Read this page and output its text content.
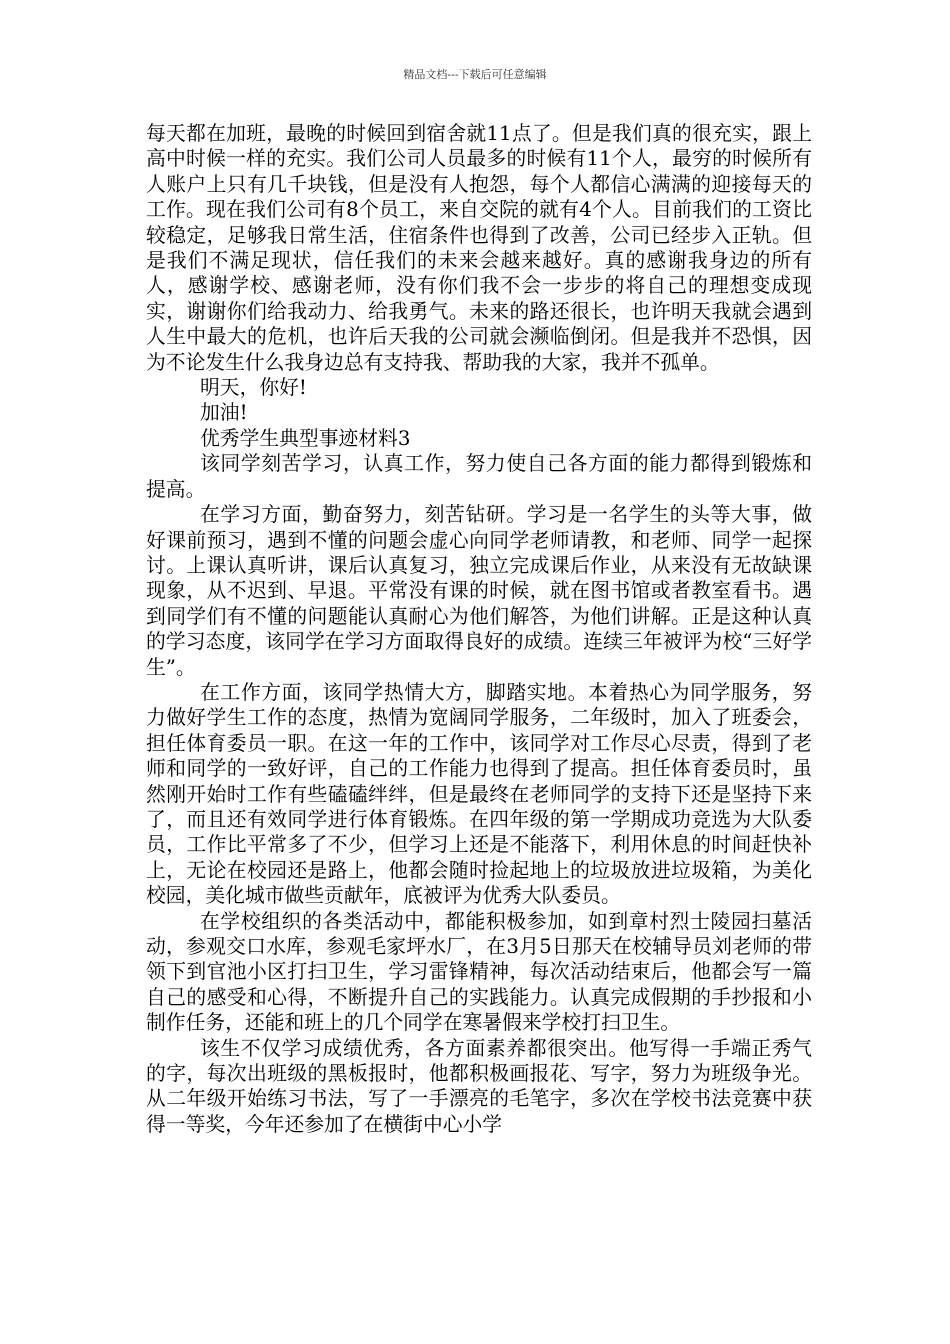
精品文档---下载后可任意编辑

每天都在加班，最晚的时候回到宿舍就11点了。但是我们真的很充实，跟上高中时候一样的充实。我们公司人员最多的时候有11个人，最穷的时候所有人账户上只有几千块钱，但是没有人抱怨，每个人都信心满满的迎接每天的工作。现在我们公司有8个员工，来自交院的就有4个人。目前我们的工资比较稳定，足够我日常生活，住宿条件也得到了改善，公司已经步入正轨。但是我们不满足现状，信任我们的未来会越来越好。真的感谢我身边的所有人，感谢学校、感谢老师，没有你们我不会一步步的将自己的理想变成现实，谢谢你们给我动力、给我勇气。未来的路还很长，也许明天我就会遇到人生中最大的危机，也许后天我的公司就会濒临倒闭。但是我并不恐惧，因为不论发生什么我身边总有支持我、帮助我的大家，我并不孤单。

明天，你好!

加油!

优秀学生典型事迹材料3

该同学刻苦学习，认真工作，努力使自己各方面的能力都得到锻炼和提高。

在学习方面，勤奋努力，刻苦钻研。学习是一名学生的头等大事，做好课前预习，遇到不懂的问题会虚心向同学老师请教，和老师、同学一起探讨。上课认真听讲，课后认真复习，独立完成课后作业，从来没有无故缺课现象，从不迟到、早退。平常没有课的时候，就在图书馆或者教室看书。遇到同学们有不懂的问题能认真耐心为他们解答，为他们讲解。正是这种认真的学习态度，该同学在学习方面取得良好的成绩。连续三年被评为校“三好学生”。

在工作方面，该同学热情大方，脚踏实地。本着热心为同学服务，努力做好学生工作的态度，热情为宽阔同学服务，二年级时，加入了班委会，担任体育委员一职。在这一年的工作中，该同学对工作尽心尽责，得到了老师和同学的一致好评，自己的工作能力也得到了提高。担任体育委员时，虽然刚开始时工作有些磕磕绊绊，但是最终在老师同学的支持下还是坚持下来了，而且还有效同学进行体育锻炼。在四年级的第一学期成功竞选为大队委员，工作比平常多了不少，但学习上还是不能落下，利用休息的时间赶快补上，无论在校园还是路上，他都会随时捡起地上的垃圾放进垃圾箱，为美化校园，美化城市做些贡献年，底被评为优秀大队委员。

在学校组织的各类活动中，都能积极参加，如到章村烈士陵园扫墓活动，参观交口水库，参观毛家坪水厂，在3月5日那天在校辅导员刘老师的带领下到官池小区打扫卫生，学习雷锋精神，每次活动结束后，他都会写一篇自己的感受和心得，不断提升自己的实践能力。认真完成假期的手抄报和小制作任务，还能和班上的几个同学在寒暑假来学校打扫卫生。

该生不仅学习成绩优秀，各方面素养都很突出。他写得一手端正秀气的字，每次出班级的黑板报时，他都积极画报花、写字，努力为班级争光。从二年级开始练习书法，写了一手漂亮的毛笔字，多次在学校书法竞赛中获得一等奖，今年还参加了在横街中心小学
